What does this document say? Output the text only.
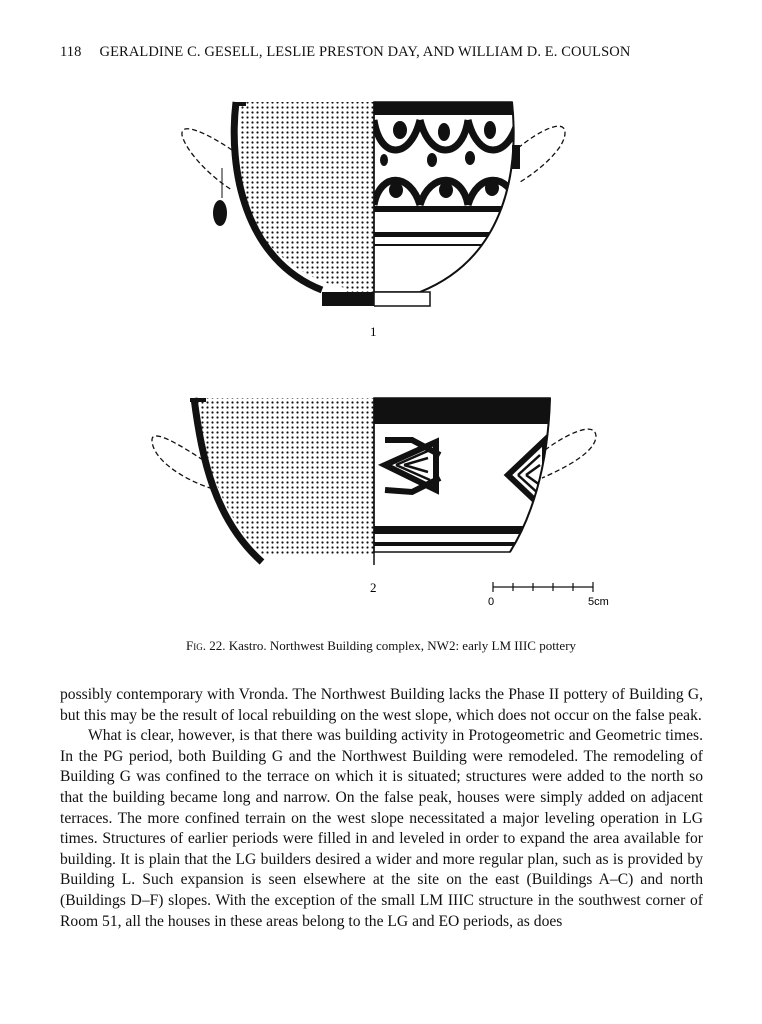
118 GERALDINE C. GESELL, LESLIE PRESTON DAY, AND WILLIAM D. E. COULSON
1
2
0	5cm
Fig. 22. Kastro. Northwest Building complex, NW2: early LM IIIC pottery

possibly contemporary with Vronda. The Northwest Building lacks the Phase II pottery of Building G, but this may be the result of local rebuilding on the west slope, which does not occur on the false peak.

What is clear, however, is that there was building activity in Protogeometric and Geometric times. In the PG period, both Building G and the Northwest Building were remodeled. The remodeling of Building G was confined to the terrace on which it is situated; structures were added to the north so that the building became long and narrow. On the false peak, houses were simply added on adjacent terraces. The more confined terrain on the west slope necessitated a major leveling operation in LG times. Structures of earlier periods were filled in and leveled in order to expand the area available for building. It is plain that the LG builders desired a wider and more regular plan, such as is provided by Building L. Such expansion is seen elsewhere at the site on the east (Buildings A–C) and north (Buildings D–F) slopes. With the exception of the small LM IIIC structure in the southwest corner of Room 51, all the houses in these areas belong to the LG and EO periods, as does
